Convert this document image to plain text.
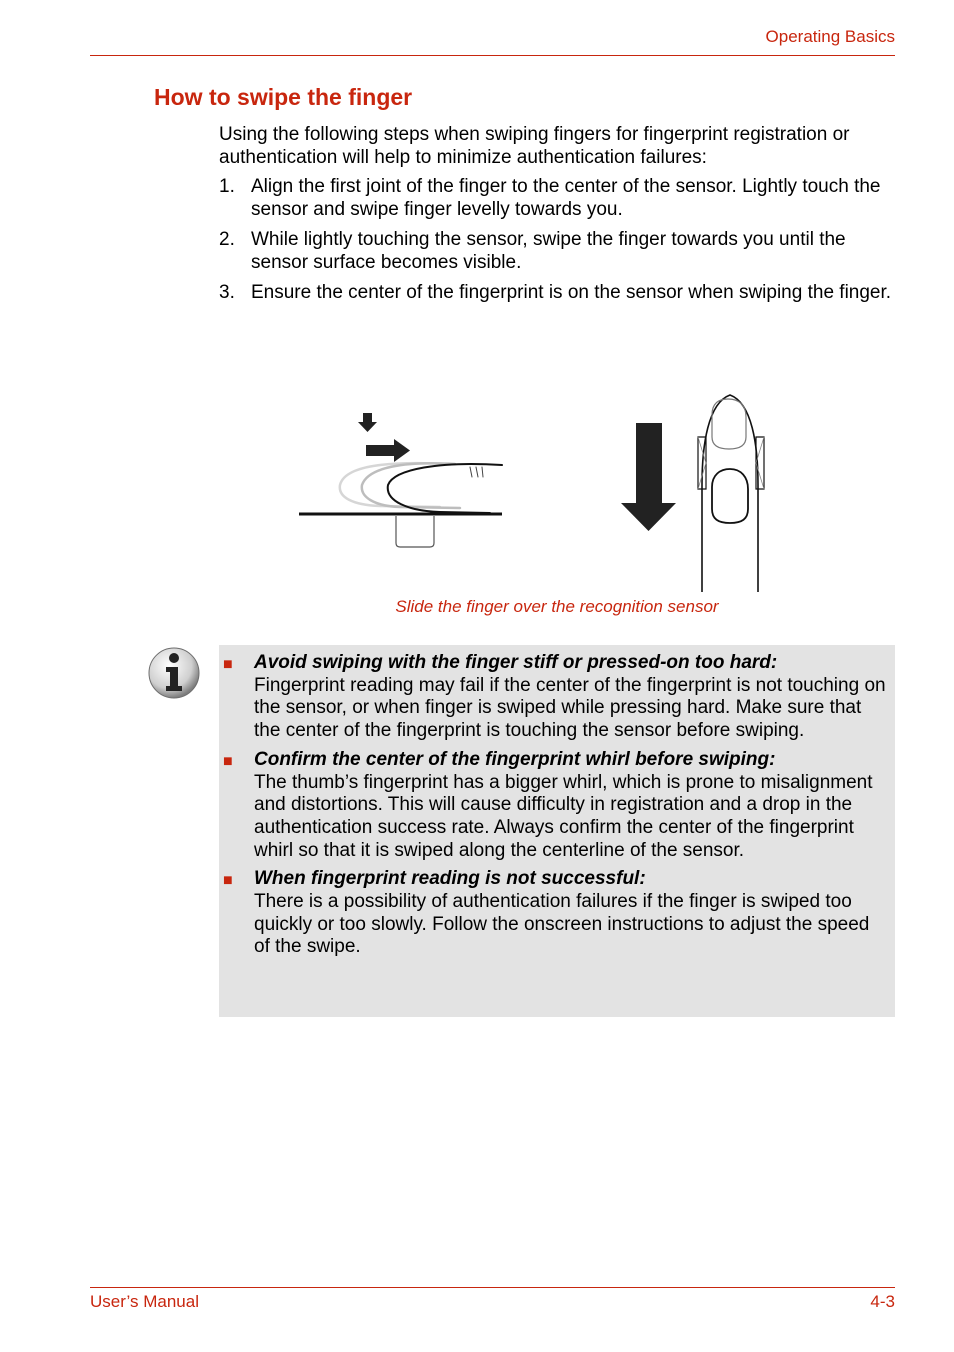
Operating Basics
How to swipe the finger
Using the following steps when swiping fingers for fingerprint registration or authentication will help to minimize authentication failures:
1. Align the first joint of the finger to the center of the sensor. Lightly touch the sensor and swipe finger levelly towards you.
2. While lightly touching the sensor, swipe the finger towards you until the sensor surface becomes visible.
3. Ensure the center of the fingerprint is on the sensor when swiping the finger.
Slide the finger over the recognition sensor
■ Avoid swiping with the finger stiff or pressed-on too hard:
Fingerprint reading may fail if the center of the fingerprint is not touching on the sensor, or when finger is swiped while pressing hard. Make sure that the center of the fingerprint is touching the sensor before swiping.
■ Confirm the center of the fingerprint whirl before swiping:
The thumb’s fingerprint has a bigger whirl, which is prone to misalignment and distortions. This will cause difficulty in registration and a drop in the authentication success rate. Always confirm the center of the fingerprint whirl so that it is swiped along the centerline of the sensor.
■ When fingerprint reading is not successful:
There is a possibility of authentication failures if the finger is swiped too quickly or too slowly. Follow the onscreen instructions to adjust the speed of the swipe.
User’s Manual	4-3
